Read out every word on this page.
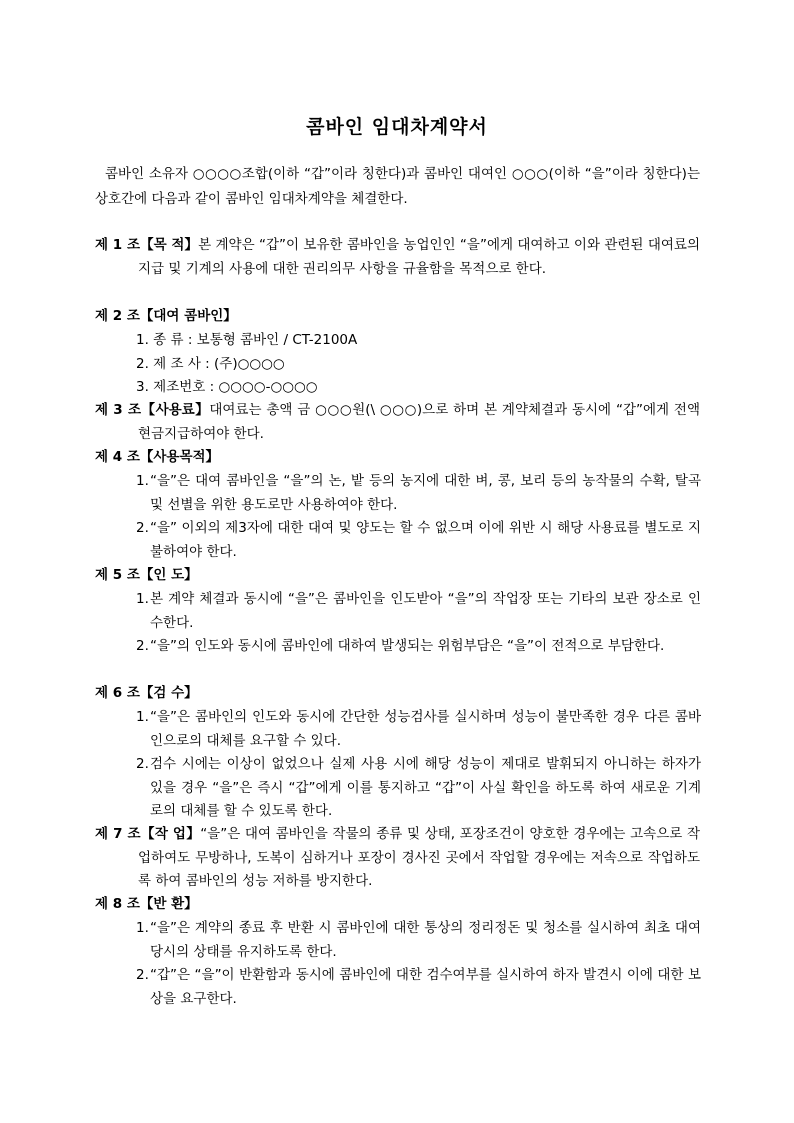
콤바인 임대차계약서
콤바인 소유자 ○○○○조합(이하 “갑”이라 칭한다)과 콤바인 대여인 ○○○(이하 “을”이라 칭한다)는 상호간에 다음과 같이 콤바인 임대차계약을 체결한다.
제 1 조【목 적】본 계약은 “갑”이 보유한 콤바인을 농업인인 “을”에게 대여하고 이와 관련된 대여료의 지급 및 기계의 사용에 대한 권리의무 사항을 규율함을 목적으로 한다.
제 2 조【대여 콤바인】
1. 종 류 : 보통형 콤바인 / CT-2100A
2. 제 조 사 : (주)○○○○
3. 제조번호 : ○○○○-○○○○
제 3 조【사용료】대여료는 총액 금 ○○○원(\ ○○○)으로 하며 본 계약체결과 동시에 “갑”에게 전액 현금지급하여야 한다.
제 4 조【사용목적】
1. “을”은 대여 콤바인을 “을”의 논, 밭 등의 농지에 대한 벼, 콩, 보리 등의 농작물의 수확, 탈곡 및 선별을 위한 용도로만 사용하여야 한다.
2. “을” 이외의 제3자에 대한 대여 및 양도는 할 수 없으며 이에 위반 시 해당 사용료를 별도로 지불하여야 한다.
제 5 조【인 도】
1. 본 계약 체결과 동시에 “을”은 콤바인을 인도받아 “을”의 작업장 또는 기타의 보관 장소로 인수한다.
2. “을”의 인도와 동시에 콤바인에 대하여 발생되는 위험부담은 “을”이 전적으로 부담한다.
제 6 조【검 수】
1. “을”은 콤바인의 인도와 동시에 간단한 성능검사를 실시하며 성능이 불만족한 경우 다른 콤바인으로의 대체를 요구할 수 있다.
2. 검수 시에는 이상이 없었으나 실제 사용 시에 해당 성능이 제대로 발휘되지 아니하는 하자가 있을 경우 “을”은 즉시 “갑”에게 이를 통지하고 “갑”이 사실 확인을 하도록 하여 새로운 기계로의 대체를 할 수 있도록 한다.
제 7 조【작 업】“을”은 대여 콤바인을 작물의 종류 및 상태, 포장조건이 양호한 경우에는 고속으로 작업하여도 무방하나, 도복이 심하거나 포장이 경사진 곳에서 작업할 경우에는 저속으로 작업하도록 하여 콤바인의 성능 저하를 방지한다.
제 8 조【반 환】
1. “을”은 계약의 종료 후 반환 시 콤바인에 대한 통상의 정리정돈 및 청소를 실시하여 최초 대여당시의 상태를 유지하도록 한다.
2. “갑”은 “을”이 반환함과 동시에 콤바인에 대한 검수여부를 실시하여 하자 발견시 이에 대한 보상을 요구한다.
